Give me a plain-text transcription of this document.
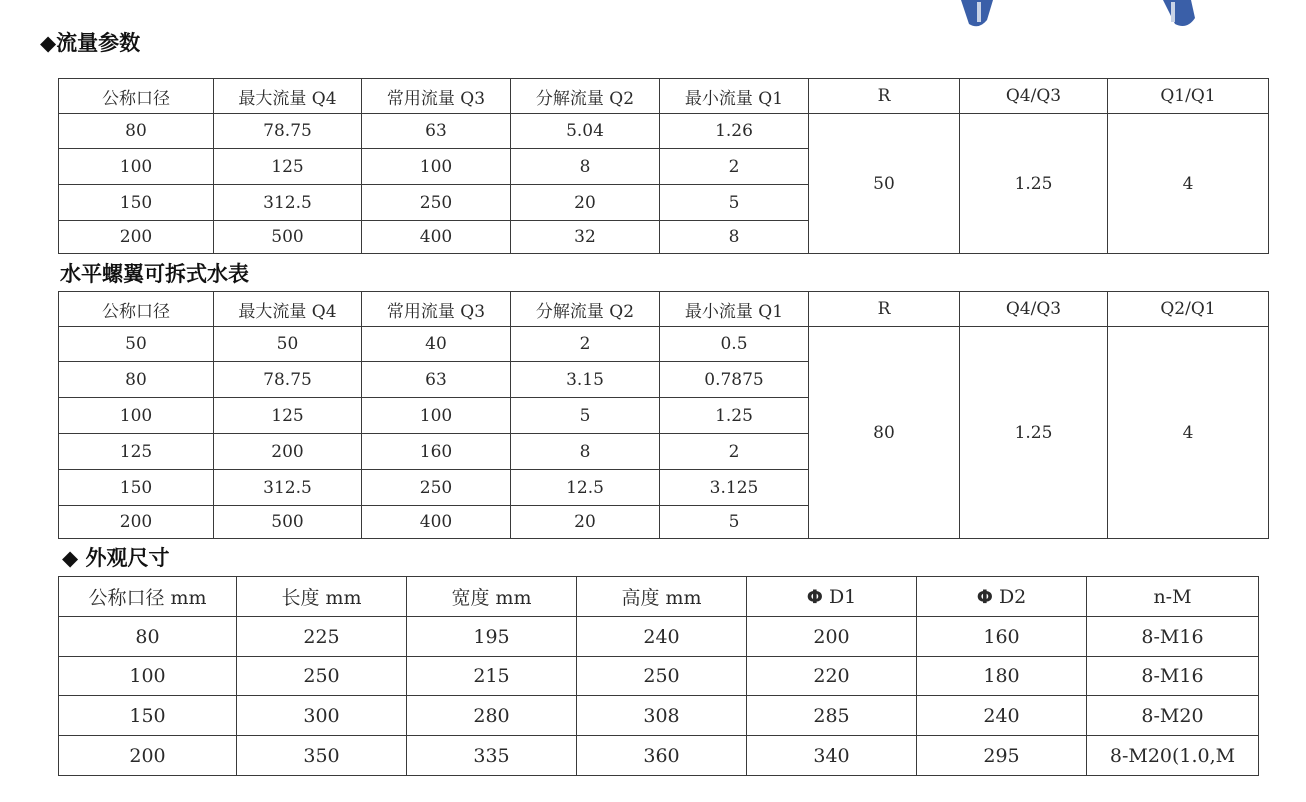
◆流量参数
公称口径	最大流量 Q4	常用流量 Q3	分解流量 Q2	最小流量 Q1	R	Q4/Q3	Q1/Q1
80	78.75	63	5.04	1.26	50	1.25	4
100	125	100	8	2			
150	312.5	250	20	5			
200	500	400	32	8			
水平螺翼可拆式水表
公称口径	最大流量 Q4	常用流量 Q3	分解流量 Q2	最小流量 Q1	R	Q4/Q3	Q2/Q1
50	50	40	2	0.5	80	1.25	4
80	78.75	63	3.15	0.7875			
100	125	100	5	1.25			
125	200	160	8	2			
150	312.5	250	12.5	3.125			
200	500	400	20	5			
◆ 外观尺寸
公称口径 mm	长度 mm	宽度 mm	高度 mm	Φ D1	Φ D2	n-M
80	225	195	240	200	160	8-M16
100	250	215	250	220	180	8-M16
150	300	280	308	285	240	8-M20
200	350	335	360	340	295	8-M20(1.0,M
